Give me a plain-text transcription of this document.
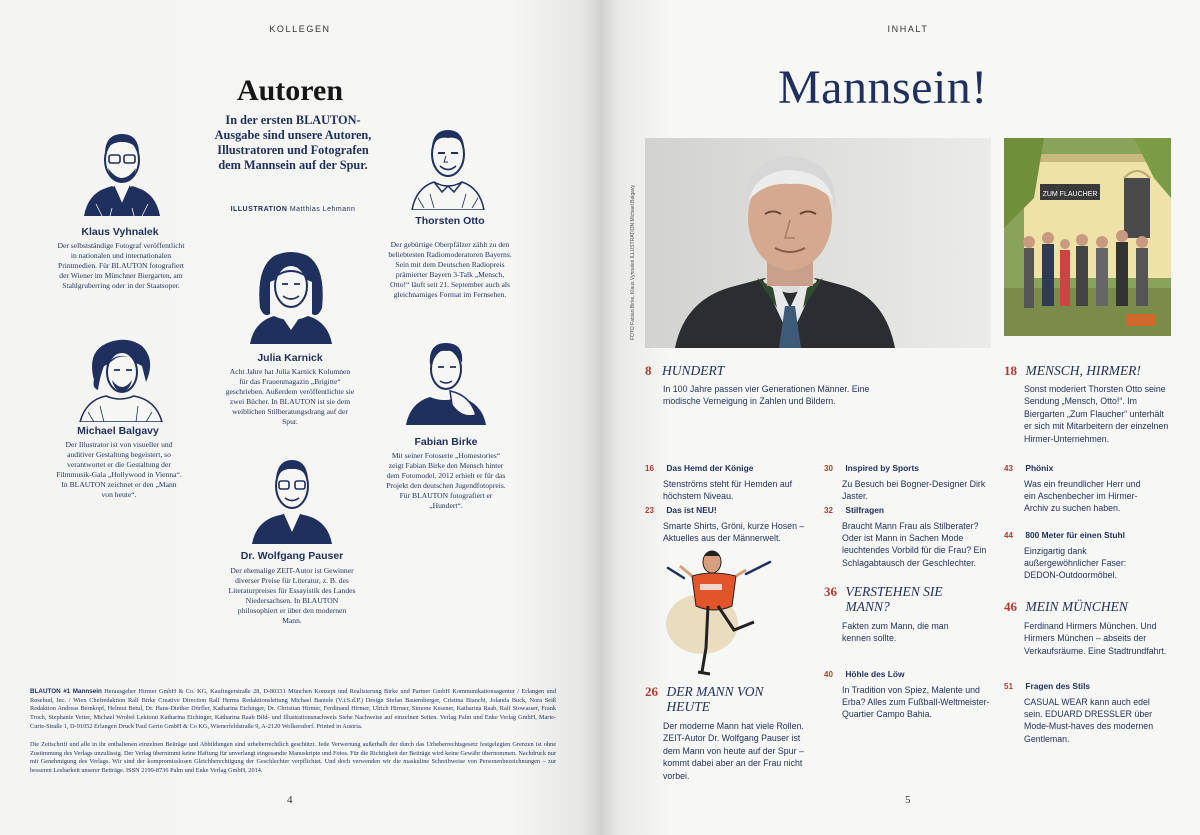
KOLLEGEN
Autoren
In der ersten BLAUTON-Ausgabe sind unsere Autoren, Illustratoren und Fotografen dem Mannsein auf der Spur.
ILLUSTRATION Matthias Lehmann
Klaus Vyhnalek
Der selbstständige Fotograf veröffentlicht in nationalen und internationalen Printmedien. Für BLAUTON fotografiert der Wiener im Münchner Biergarten, am Stahlgruberring oder in der Staatsoper.
Thorsten Otto
Der gebürtige Oberpfälzer zählt zu den beliebtesten Radiomoderatoren Bayerns. Sein mit dem Deutschen Radiopreis prämierter Bayern 3-Talk „Mensch, Otto!“ läuft seit 21. September auch als gleichnamiges Format im Fernsehen.
Julia Karnick
Acht Jahre hat Julia Karnick Kolumnen für das Frauenmagazin „Brigitte“ geschrieben. Außerdem veröffentlichte sie zwei Bücher. In BLAUTON ist sie dem weiblichen Stilberatungsdrang auf der Spur.
Michael Balgavy
Der Illustrator ist von visueller und auditiver Gestaltung begeistert, so verantwortet er die Gestaltung der Filmmusik-Gala „Hollywood in Vienna“. In BLAUTON zeichnet er den „Mann von heute“.
Fabian Birke
Mit seiner Fotoserie „Homestories“ zeigt Fabian Birke den Mensch hinter dem Fotomodel. 2012 erhielt er für das Projekt den deutschen Jugendfotopreis. Für BLAUTON fotografiert er „Hundert“.
Dr. Wolfgang Pauser
Der ehemalige ZEIT-Autor ist Gewinner diverser Preise für Literatur, z. B. des Literaturpreises für Essayistik des Landes Niedersachsen. In BLAUTON philosophiert er über den modernen Mann.
BLAUTON #1 Mannsein Herausgeber Hirmer GmbH & Co. KG, Kaufingerstraße 28, D-80331 München Konzept und Realisierung Birke und Partner GmbH Kommunikationsagentur / Erlangen und Rosebud, Inc. / Wien Chefredaktion Ralf Birke Creative Direction Ralf Herms Redaktionsleitung Michael Bantele (V.i.S.d.P.) Design Stefan Bauernberger, Cristina Bianchi, Jolanda Buck, Nora Seiß Redaktion Andreas Bernkopf, Helmut Betul, Dr. Hans-Diether Dörfler, Katharina Eichinger, Dr. Christian Hirmer, Ferdinand Hirmer, Ulrich Hirmer, Simone Kessner, Katharina Raab, Ralf Stowasser, Frank Troch, Stephanie Vetter, Michael Wrobel Lektorat Katharina Eichinger, Katharina Raab Bild- und Illustrationsnachweis Siehe Nachweise auf einzelnen Seiten. Verlag Palm und Enke Verlag GmbH, Marie-Curie-Straße 1, D-91052 Erlangen Druck Paul Gerin GmbH & Co KG, Wienerfeldstraße 9, A-2120 Wolkersdorf. Printed in Austria.
Die Zeitschrift und alle in ihr enthaltenen einzelnen Beiträge und Abbildungen sind urheberrechtlich geschützt. Jede Verwertung außerhalb der durch das Urheberrechtsgesetz festgelegten Grenzen ist ohne Zustimmung des Verlags unzulässig. Der Verlag übernimmt keine Haftung für unverlangt eingesandte Manuskripte und Fotos. Für die Richtigkeit der Beiträge wird keine Gewähr übernommen. Nachdruck nur mit Genehmigung des Verlags. Wir sind der kompromisslosen Gleichberechtigung der Geschlechter verpflichtet. Und doch verwenden wir die maskuline Schreibweise von Personenbezeichnungen – zur besseren Lesbarkeit unserer Beiträge. ISSN 2199-8736 Palm und Enke Verlag GmbH, 2014.
4
INHALT
Mannsein!
FOTO Fabian Birke, Klaus Vyhnalek ILLUSTRATION Michael Balgavy	ZUM FLAUCHER
8 HUNDERT
In 100 Jahre passen vier Generationen Männer. Eine modische Verneigung in Zahlen und Bildern.
18 MENSCH, HIRMER!
Sonst moderiert Thorsten Otto seine Sendung „Mensch, Otto!“. Im Biergarten „Zum Flaucher“ unterhält er sich mit Mitarbeitern der einzelnen Hirmer-Unternehmen.
16 Das Hemd der Könige
Stenströms steht für Hemden auf höchstem Niveau.
23 Das ist NEU!
Smarte Shirts, Gröni, kurze Hosen – Aktuelles aus der Männerwelt.
30 Inspired by Sports
Zu Besuch bei Bogner-Designer Dirk Jaster.
32 Stilfragen
Braucht Mann Frau als Stilberater? Oder ist Mann in Sachen Mode leuchtendes Vorbild für die Frau? Ein Schlagabtausch der Geschlechter.
$^{36}$ VERSTEHEN SIE MANN?
Fakten zum Mann, die man kennen sollte.
40 Höhle des Löw
In Tradition von Spiez, Malente und Erba? Alles zum Fußball-Weltmeister-Quartier Campo Bahia.
$^{26}$ DER MANN VON HEUTE
Der moderne Mann hat viele Rollen. ZEIT-Autor Dr. Wolfgang Pauser ist dem Mann von heute auf der Spur – kommt dabei aber an der Frau nicht vorbei.
43 Phönix
Was ein freundlicher Herr und ein Aschenbecher im Hirmer-Archiv zu suchen haben.
44 800 Meter für einen Stuhl
Einzigartig dank außergewöhnlicher Faser: DEDON-Outdoormöbel.
46 MEIN MÜNCHEN
Ferdinand Hirmers München. Und Hirmers München – abseits der Verkaufsräume. Eine Stadtrundfahrt.
51 Fragen des Stils
CASUAL WEAR kann auch edel sein. EDUARD DRESSLER über Mode-Must-haves des modernen Gentleman.
5
